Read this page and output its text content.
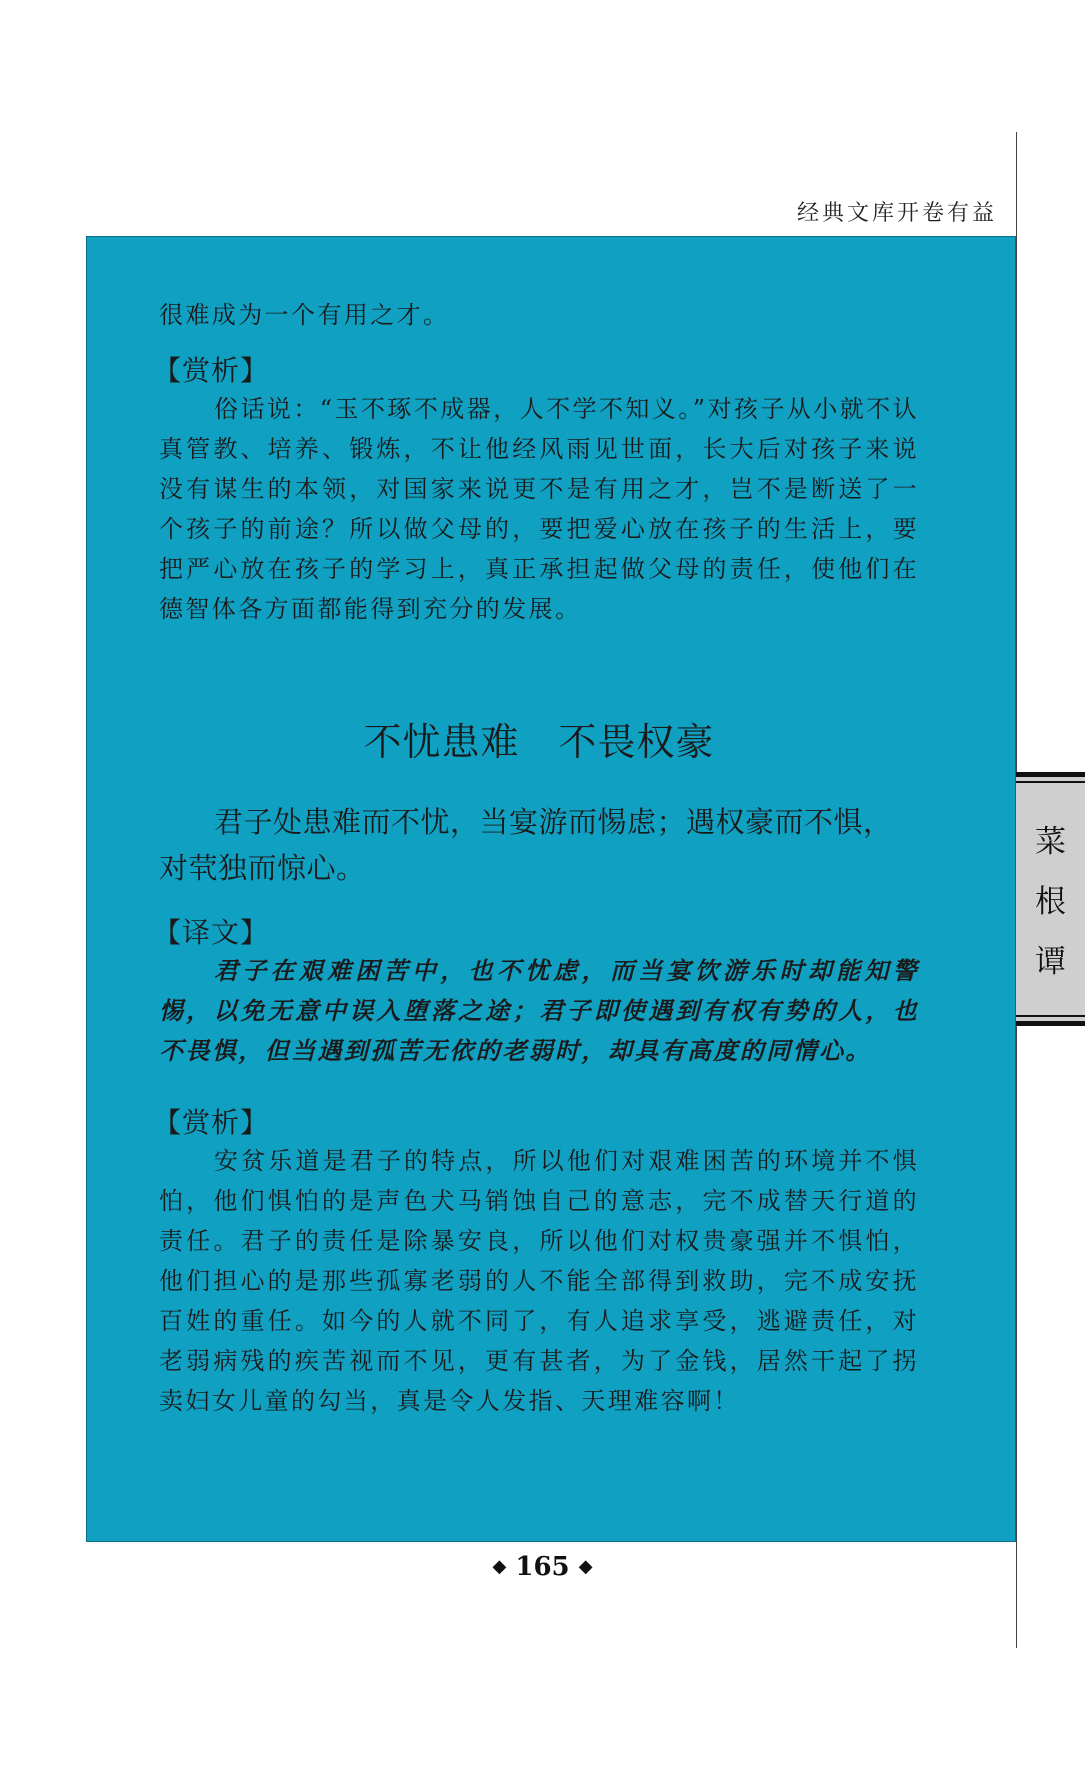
经典文库开卷有益

很难成为一个有用之才。

【赏析】

俗话说：“玉不琢不成器，人不学不知义。”对孩子从小就不认真管教、培养、锻炼，不让他经风雨见世面，长大后对孩子来说没有谋生的本领，对国家来说更不是有用之才，岂不是断送了一个孩子的前途？所以做父母的，要把爱心放在孩子的生活上，要把严心放在孩子的学习上，真正承担起做父母的责任，使他们在德智体各方面都能得到充分的发展。

不忧患难　不畏权豪

君子处患难而不忧，当宴游而惕虑；遇权豪而不惧，对茕独而惊心。

【译文】

君子在艰难困苦中，也不忧虑，而当宴饮游乐时却能知警惕，以免无意中误入堕落之途；君子即使遇到有权有势的人，也不畏惧，但当遇到孤苦无依的老弱时，却具有高度的同情心。

【赏析】

安贫乐道是君子的特点，所以他们对艰难困苦的环境并不惧怕，他们惧怕的是声色犬马销蚀自己的意志，完不成替天行道的责任。君子的责任是除暴安良，所以他们对权贵豪强并不惧怕，他们担心的是那些孤寡老弱的人不能全部得到救助，完不成安抚百姓的重任。如今的人就不同了，有人追求享受，逃避责任，对老弱病残的疾苦视而不见，更有甚者，为了金钱，居然干起了拐卖妇女儿童的勾当，真是令人发指、天理难容啊！

菜
根
谭
◆ 165 ◆
